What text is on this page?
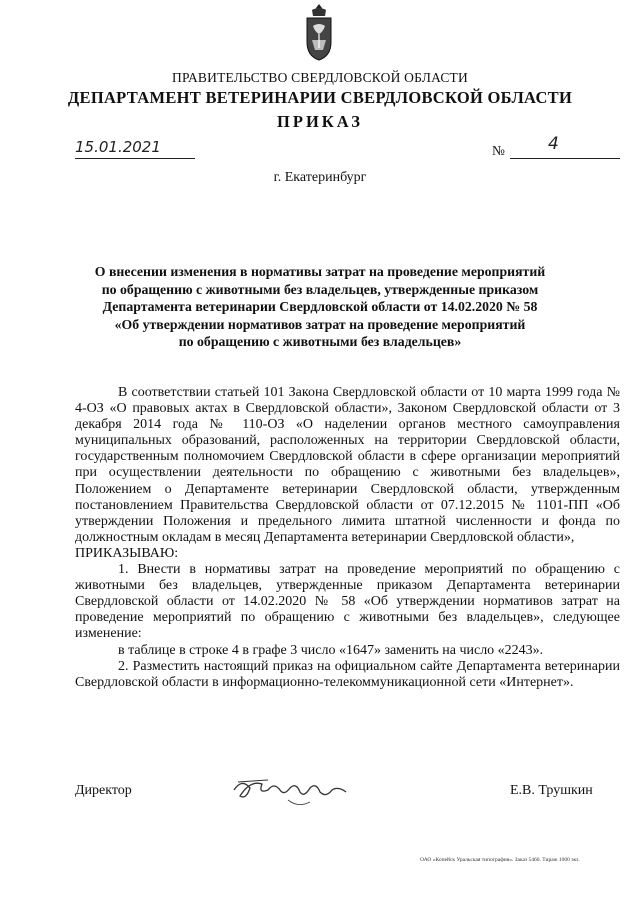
ПРАВИТЕЛЬСТВО СВЕРДЛОВСКОЙ ОБЛАСТИ
ДЕПАРТАМЕНТ ВЕТЕРИНАРИИ СВЕРДЛОВСКОЙ ОБЛАСТИ
ПРИКАЗ
15.01.2021	№	4
г. Екатеринбург
О внесении изменения в нормативы затрат на проведение мероприятий
по обращению с животными без владельцев, утвержденные приказом
Департамента ветеринарии Свердловской области от 14.02.2020 № 58
«Об утверждении нормативов затрат на проведение мероприятий
по обращению с животными без владельцев»

В соответствии статьей 101 Закона Свердловской области от 10 марта 1999 года № 4-ОЗ «О правовых актах в Свердловской области», Законом Свердловской области от 3 декабря 2014 года № 110-ОЗ «О наделении органов местного самоуправления муниципальных образований, расположенных на территории Свердловской области, государственным полномочием Свердловской области в сфере организации мероприятий при осуществлении деятельности по обращению с животными без владельцев», Положением о Департаменте ветеринарии Свердловской области, утвержденным постановлением Правительства Свердловской области от 07.12.2015 № 1101-ПП «Об утверждении Положения и предельного лимита штатной численности и фонда по должностным окладам в месяц Департамента ветеринарии Свердловской области»,

ПРИКАЗЫВАЮ:

1. Внести в нормативы затрат на проведение мероприятий по обращению с животными без владельцев, утвержденные приказом Департамента ветеринарии Свердловской области от 14.02.2020 № 58 «Об утверждении нормативов затрат на проведение мероприятий по обращению с животными без владельцев», следующее изменение:

в таблице в строке 4 в графе 3 число «1647» заменить на число «2243».

2. Разместить настоящий приказ на официальном сайте Департамента ветеринарии Свердловской области в информационно-телекоммуникационной сети «Интернет».

Директор	Е.В. Трушкин
ОАО «Копейск Уральская типография». Заказ 5460. Тираж 1000 экз.
